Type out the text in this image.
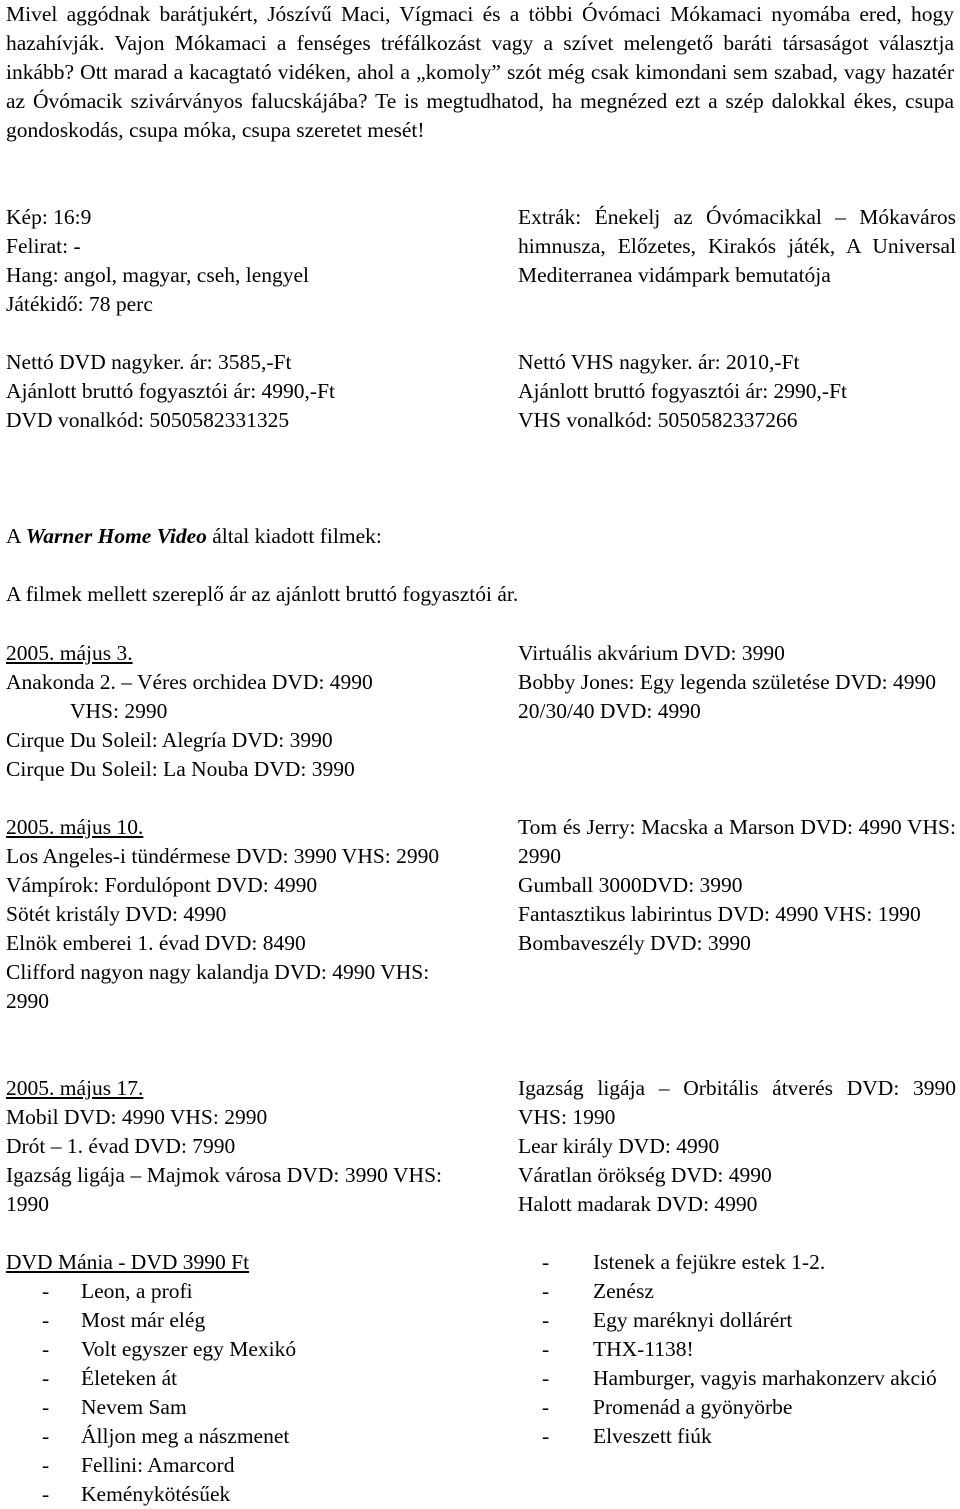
Mivel aggódnak barátjukért, Jószívű Maci, Vígmaci és a többi Óvómaci Mókamaci nyomába ered, hogy hazahívják. Vajon Mókamaci a fenséges tréfálkozást vagy a szívet melengető baráti társaságot választja inkább? Ott marad a kacagtató vidéken, ahol a „komoly” szót még csak kimondani sem szabad, vagy hazatér az Óvómacik szivárványos falucskájába? Te is megtudhatod, ha megnézed ezt a szép dalokkal ékes, csupa gondoskodás, csupa móka, csupa szeretet mesét!
Kép: 16:9
Felirat: -
Hang: angol, magyar, cseh, lengyel
Játékidő: 78 perc
Extrák: Énekelj az Óvómacikkal – Mókaváros himnusza, Előzetes, Kirakós játék, A Universal Mediterranea vidámpark bemutatója
Nettó DVD nagyker. ár: 3585,-Ft
Ajánlott bruttó fogyasztói ár: 4990,-Ft
DVD vonalkód: 5050582331325
Nettó VHS nagyker. ár: 2010,-Ft
Ajánlott bruttó fogyasztói ár: 2990,-Ft
VHS vonalkód: 5050582337266
A Warner Home Video által kiadott filmek:
A filmek mellett szereplő ár az ajánlott bruttó fogyasztói ár.
2005. május 3.
Anakonda 2. – Véres orchidea DVD: 4990
VHS: 2990
Cirque Du Soleil: Alegría DVD: 3990
Cirque Du Soleil: La Nouba DVD: 3990
Virtuális akvárium DVD: 3990
Bobby Jones: Egy legenda születése DVD: 4990
20/30/40 DVD: 4990
2005. május 10.
Los Angeles-i tündérmese DVD: 3990 VHS: 2990
Vámpírok: Fordulópont DVD: 4990
Sötét kristály DVD: 4990
Elnök emberei 1. évad DVD: 8490
Clifford nagyon nagy kalandja DVD: 4990 VHS: 2990
Tom és Jerry: Macska a Marson DVD: 4990 VHS: 2990
Gumball 3000DVD: 3990
Fantasztikus labirintus DVD: 4990 VHS: 1990
Bombaveszély DVD: 3990
2005. május 17.
Mobil DVD: 4990 VHS: 2990
Drót – 1. évad DVD: 7990
Igazság ligája – Majmok városa DVD: 3990 VHS: 1990
Igazság ligája – Orbitális átverés DVD: 3990 VHS: 1990
Lear király DVD: 4990
Váratlan örökség DVD: 4990
Halott madarak DVD: 4990
DVD Mánia - DVD 3990 Ft
- Leon, a profi
- Most már elég
- Volt egyszer egy Mexikó
- Életeken át
- Nevem Sam
- Álljon meg a nászmenet
- Fellini: Amarcord
- Keménykötésűek
- Istenek a fejükre estek 1-2.
- Zenész
- Egy maréknyi dollárért
- THX-1138!
- Hamburger, vagyis marhakonzerv akció
- Promenád a gyönyörbe
- Elveszett fiúk
